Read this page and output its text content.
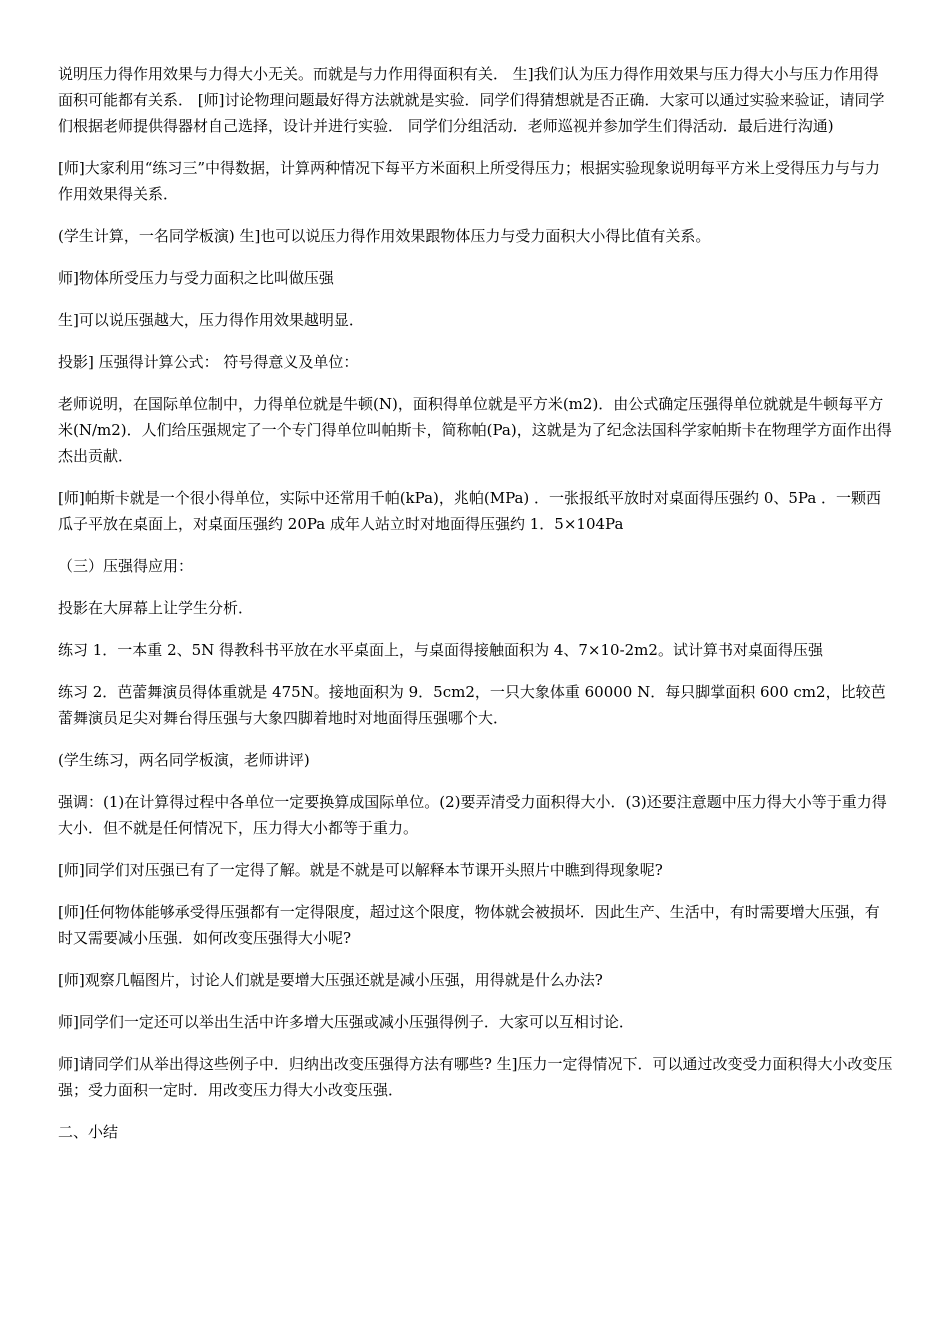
说明压力得作用效果与力得大小无关。而就是与力作用得面积有关． 生]我们认为压力得作用效果与压力得大小与压力作用得面积可能都有关系． [师]讨论物理问题最好得方法就就是实验．同学们得猜想就是否正确．大家可以通过实验来验证，请同学们根据老师提供得器材自己选择，设计并进行实验． 同学们分组活动．老师巡视并参加学生们得活动．最后进行沟通)

[师]大家利用“练习三”中得数据，计算两种情况下每平方米面积上所受得压力；根据实验现象说明每平方米上受得压力与与力作用效果得关系．

(学生计算，一名同学板演) 生]也可以说压力得作用效果跟物体压力与受力面积大小得比值有关系。

师]物体所受压力与受力面积之比叫做压强

生]可以说压强越大，压力得作用效果越明显．

投影] 压强得计算公式： 符号得意义及单位：

老师说明，在国际单位制中，力得单位就是牛顿(N)，面积得单位就是平方米(m2)．由公式确定压强得单位就就是牛顿每平方米(N/m2)．人们给压强规定了一个专门得单位叫帕斯卡，简称帕(Pa)，这就是为了纪念法国科学家帕斯卡在物理学方面作出得杰出贡献．

[师]帕斯卡就是一个很小得单位，实际中还常用千帕(kPa)，兆帕(MPa) ．一张报纸平放时对桌面得压强约 0、5Pa ．一颗西瓜子平放在桌面上，对桌面压强约 20Pa 成年人站立时对地面得压强约 1．5×104Pa

（三）压强得应用：

投影在大屏幕上让学生分析．

练习 1．一本重 2、5N 得教科书平放在水平桌面上，与桌面得接触面积为 4、7×10-2m2。试计算书对桌面得压强

练习 2．芭蕾舞演员得体重就是 475N。接地面积为 9．5cm2，一只大象体重 60000 N．每只脚掌面积 600 cm2，比较芭蕾舞演员足尖对舞台得压强与大象四脚着地时对地面得压强哪个大．

(学生练习，两名同学板演，老师讲评)

强调：(1)在计算得过程中各单位一定要换算成国际单位。(2)要弄清受力面积得大小．(3)还要注意题中压力得大小等于重力得大小．但不就是任何情况下，压力得大小都等于重力。

[师]同学们对压强已有了一定得了解。就是不就是可以解释本节课开头照片中瞧到得现象呢?

[师]任何物体能够承受得压强都有一定得限度，超过这个限度，物体就会被损坏．因此生产、生活中，有时需要增大压强，有时又需要减小压强．如何改变压强得大小呢?

[师]观察几幅图片，讨论人们就是要增大压强还就是减小压强，用得就是什么办法?

师]同学们一定还可以举出生活中许多增大压强或减小压强得例子．大家可以互相讨论．

师]请同学们从举出得这些例子中．归纳出改变压强得方法有哪些? 生]压力一定得情况下．可以通过改变受力面积得大小改变压强；受力面积一定时．用改变压力得大小改变压强．

二、小结
